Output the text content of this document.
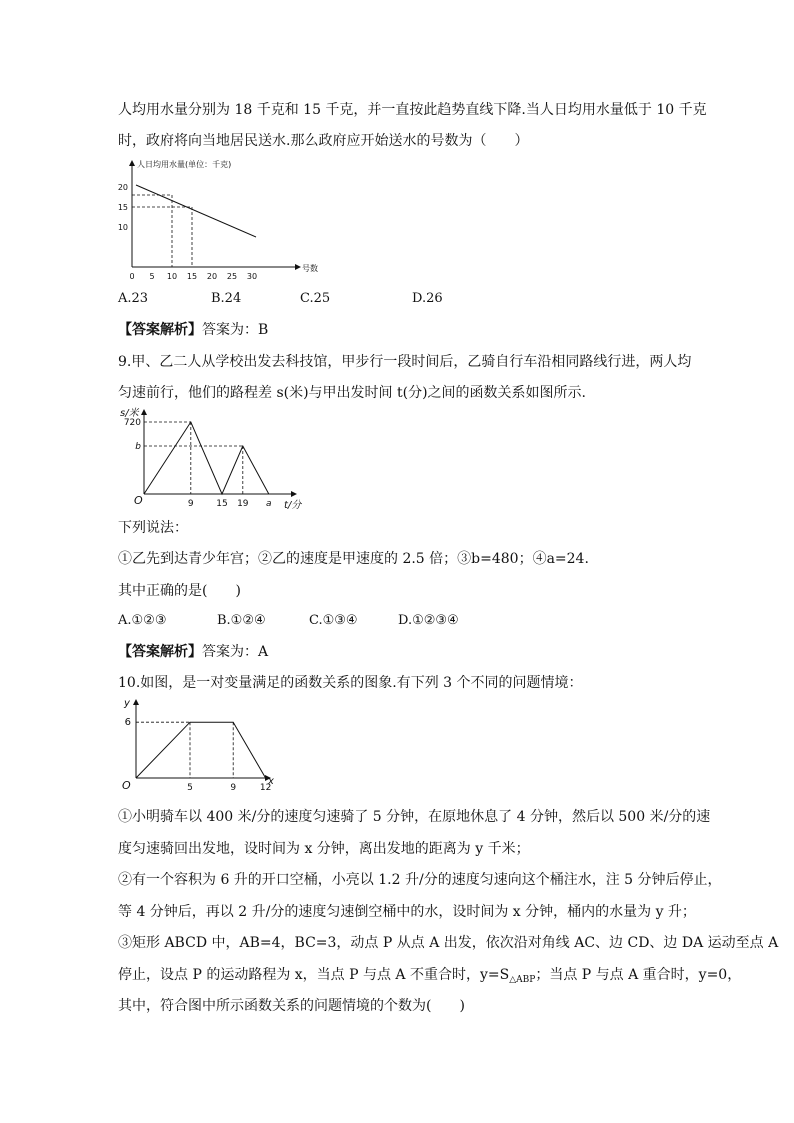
人均用水量分别为 18 千克和 15 千克，并一直按此趋势直线下降.当人日均用水量低于 10 千克
时，政府将向当地居民送水.那么政府应开始送水的号数为（　　）
人日均用水量(单位：千克)
号数
0 5 10 15 20 25 30
10
15
20
A.23	B.24	C.25	D.26
【答案解析】答案为：B
9.甲、乙二人从学校出发去科技馆，甲步行一段时间后，乙骑自行车沿相同路线行进，两人均
匀速前行，他们的路程差 s(米)与甲出发时间 t(分)之间的函数关系如图所示.
s/米
t/分
O	9	15 19 a
720
b
下列说法：
①乙先到达青少年宫；②乙的速度是甲速度的 2.5 倍；③b=480；④a=24.
其中正确的是(　　)
A.①②③	B.①②④	C.①③④	D.①②③④
【答案解析】答案为：A
10.如图，是一对变量满足的函数关系的图象.有下列 3 个不同的问题情境：
y
x
O	5	9	12
6
①小明骑车以 400 米/分的速度匀速骑了 5 分钟，在原地休息了 4 分钟，然后以 500 米/分的速
度匀速骑回出发地，设时间为 x 分钟，离出发地的距离为 y 千米；
②有一个容积为 6 升的开口空桶，小亮以 1.2 升/分的速度匀速向这个桶注水，注 5 分钟后停止，
等 4 分钟后，再以 2 升/分的速度匀速倒空桶中的水，设时间为 x 分钟，桶内的水量为 y 升；
③矩形 ABCD 中，AB=4，BC=3，动点 P 从点 A 出发，依次沿对角线 AC、边 CD、边 DA 运动至点 A
停止，设点 P 的运动路程为 x，当点 P 与点 A 不重合时，$y=S_{\triangle ABP}$；当点 P 与点 A 重合时，y=0，
其中，符合图中所示函数关系的问题情境的个数为(　　)
